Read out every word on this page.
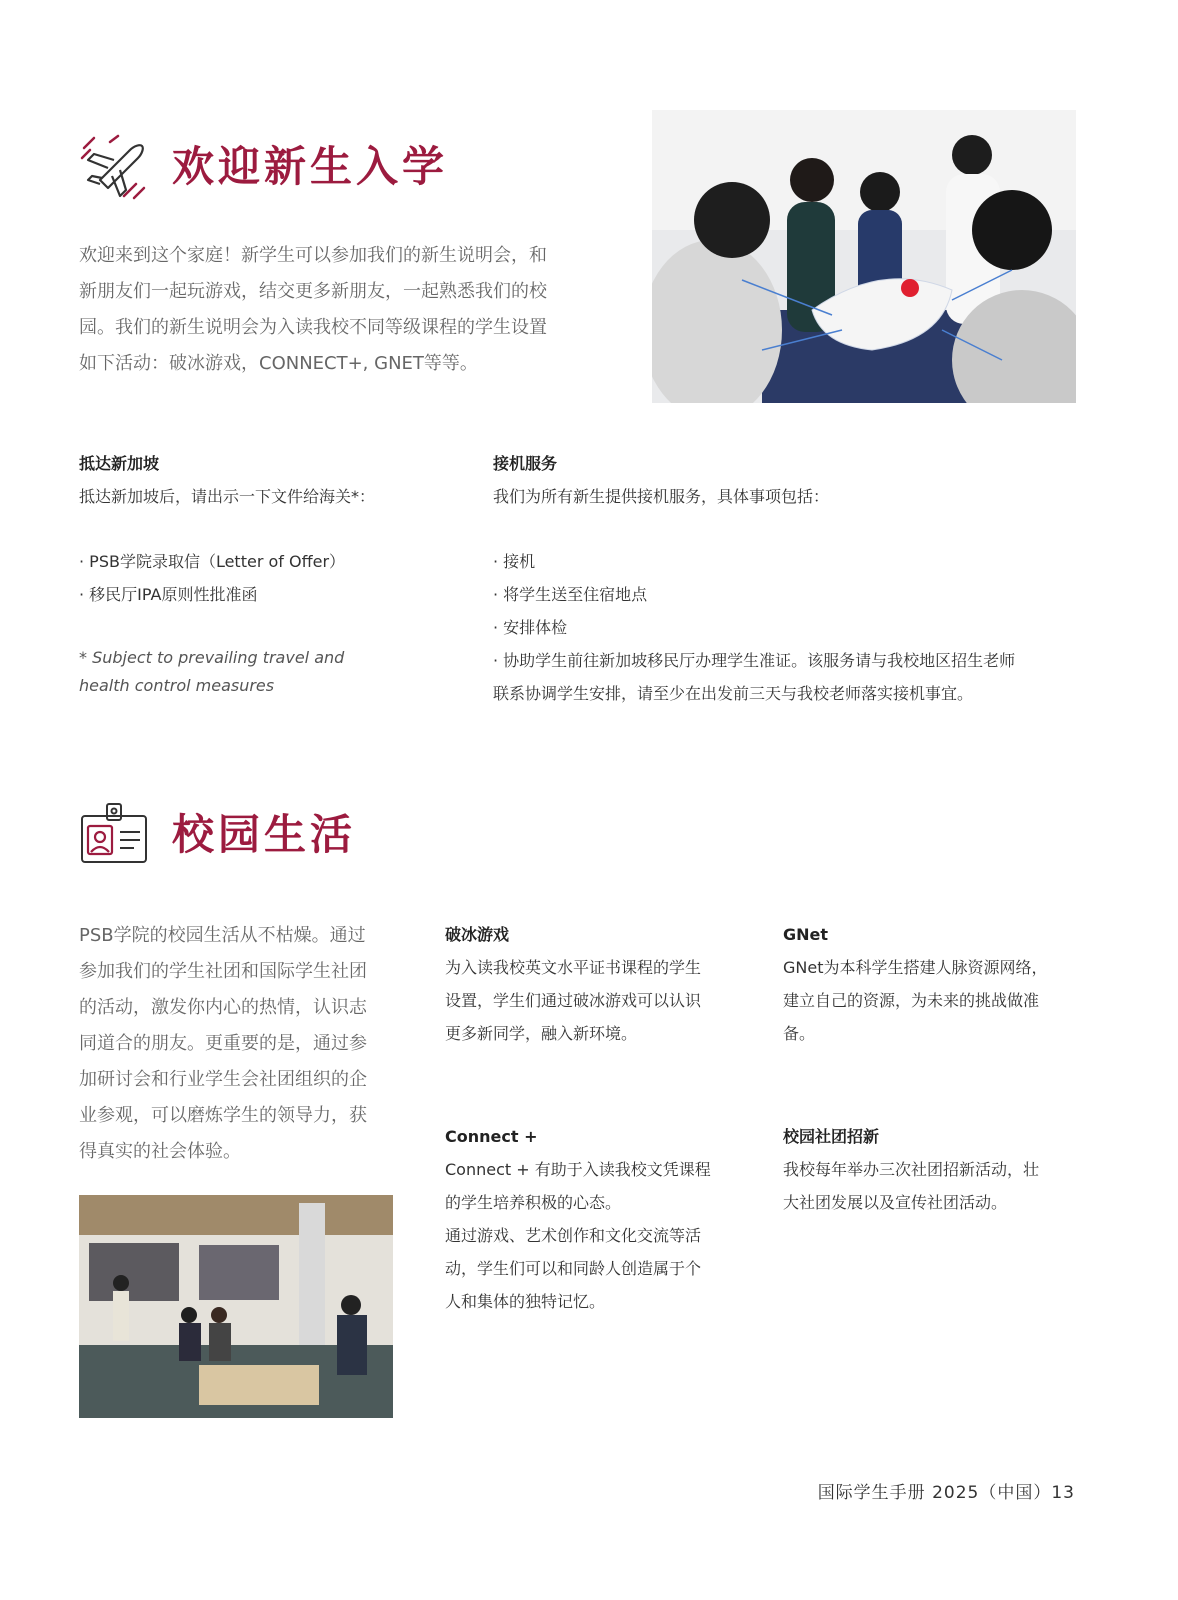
欢迎新生入学

欢迎来到这个家庭！新学生可以参加我们的新生说明会，和

新朋友们一起玩游戏，结交更多新朋友，一起熟悉我们的校

园。我们的新生说明会为入读我校不同等级课程的学生设置

如下活动：破冰游戏，CONNECT+, GNET等等。

抵达新加坡
抵达新加坡后，请出示一下文件给海关*：
· PSB学院录取信（Letter of Offer）
· 移民厅IPA原则性批准函
* Subject to prevailing travel and
health control measures
接机服务
我们为所有新生提供接机服务，具体事项包括：
· 接机
· 将学生送至住宿地点
· 安排体检
· 协助学生前往新加坡移民厅办理学生准证。该服务请与我校地区招生老师
联系协调学生安排，请至少在出发前三天与我校老师落实接机事宜。
校园生活

PSB学院的校园生活从不枯燥。通过

参加我们的学生社团和国际学生社团

的活动，激发你内心的热情，认识志

同道合的朋友。更重要的是，通过参

加研讨会和行业学生会社团组织的企

业参观，可以磨炼学生的领导力，获

得真实的社会体验。

破冰游戏
为入读我校英文水平证书课程的学生
设置，学生们通过破冰游戏可以认识
更多新同学，融入新环境。
GNet
GNet为本科学生搭建人脉资源网络，
建立自己的资源，为未来的挑战做准
备。
Connect +
Connect + 有助于入读我校文凭课程
的学生培养积极的心态。
通过游戏、艺术创作和文化交流等活
动，学生们可以和同龄人创造属于个
人和集体的独特记忆。
校园社团招新
我校每年举办三次社团招新活动，壮
大社团发展以及宣传社团活动。
国际学生手册 2025（中国）13
